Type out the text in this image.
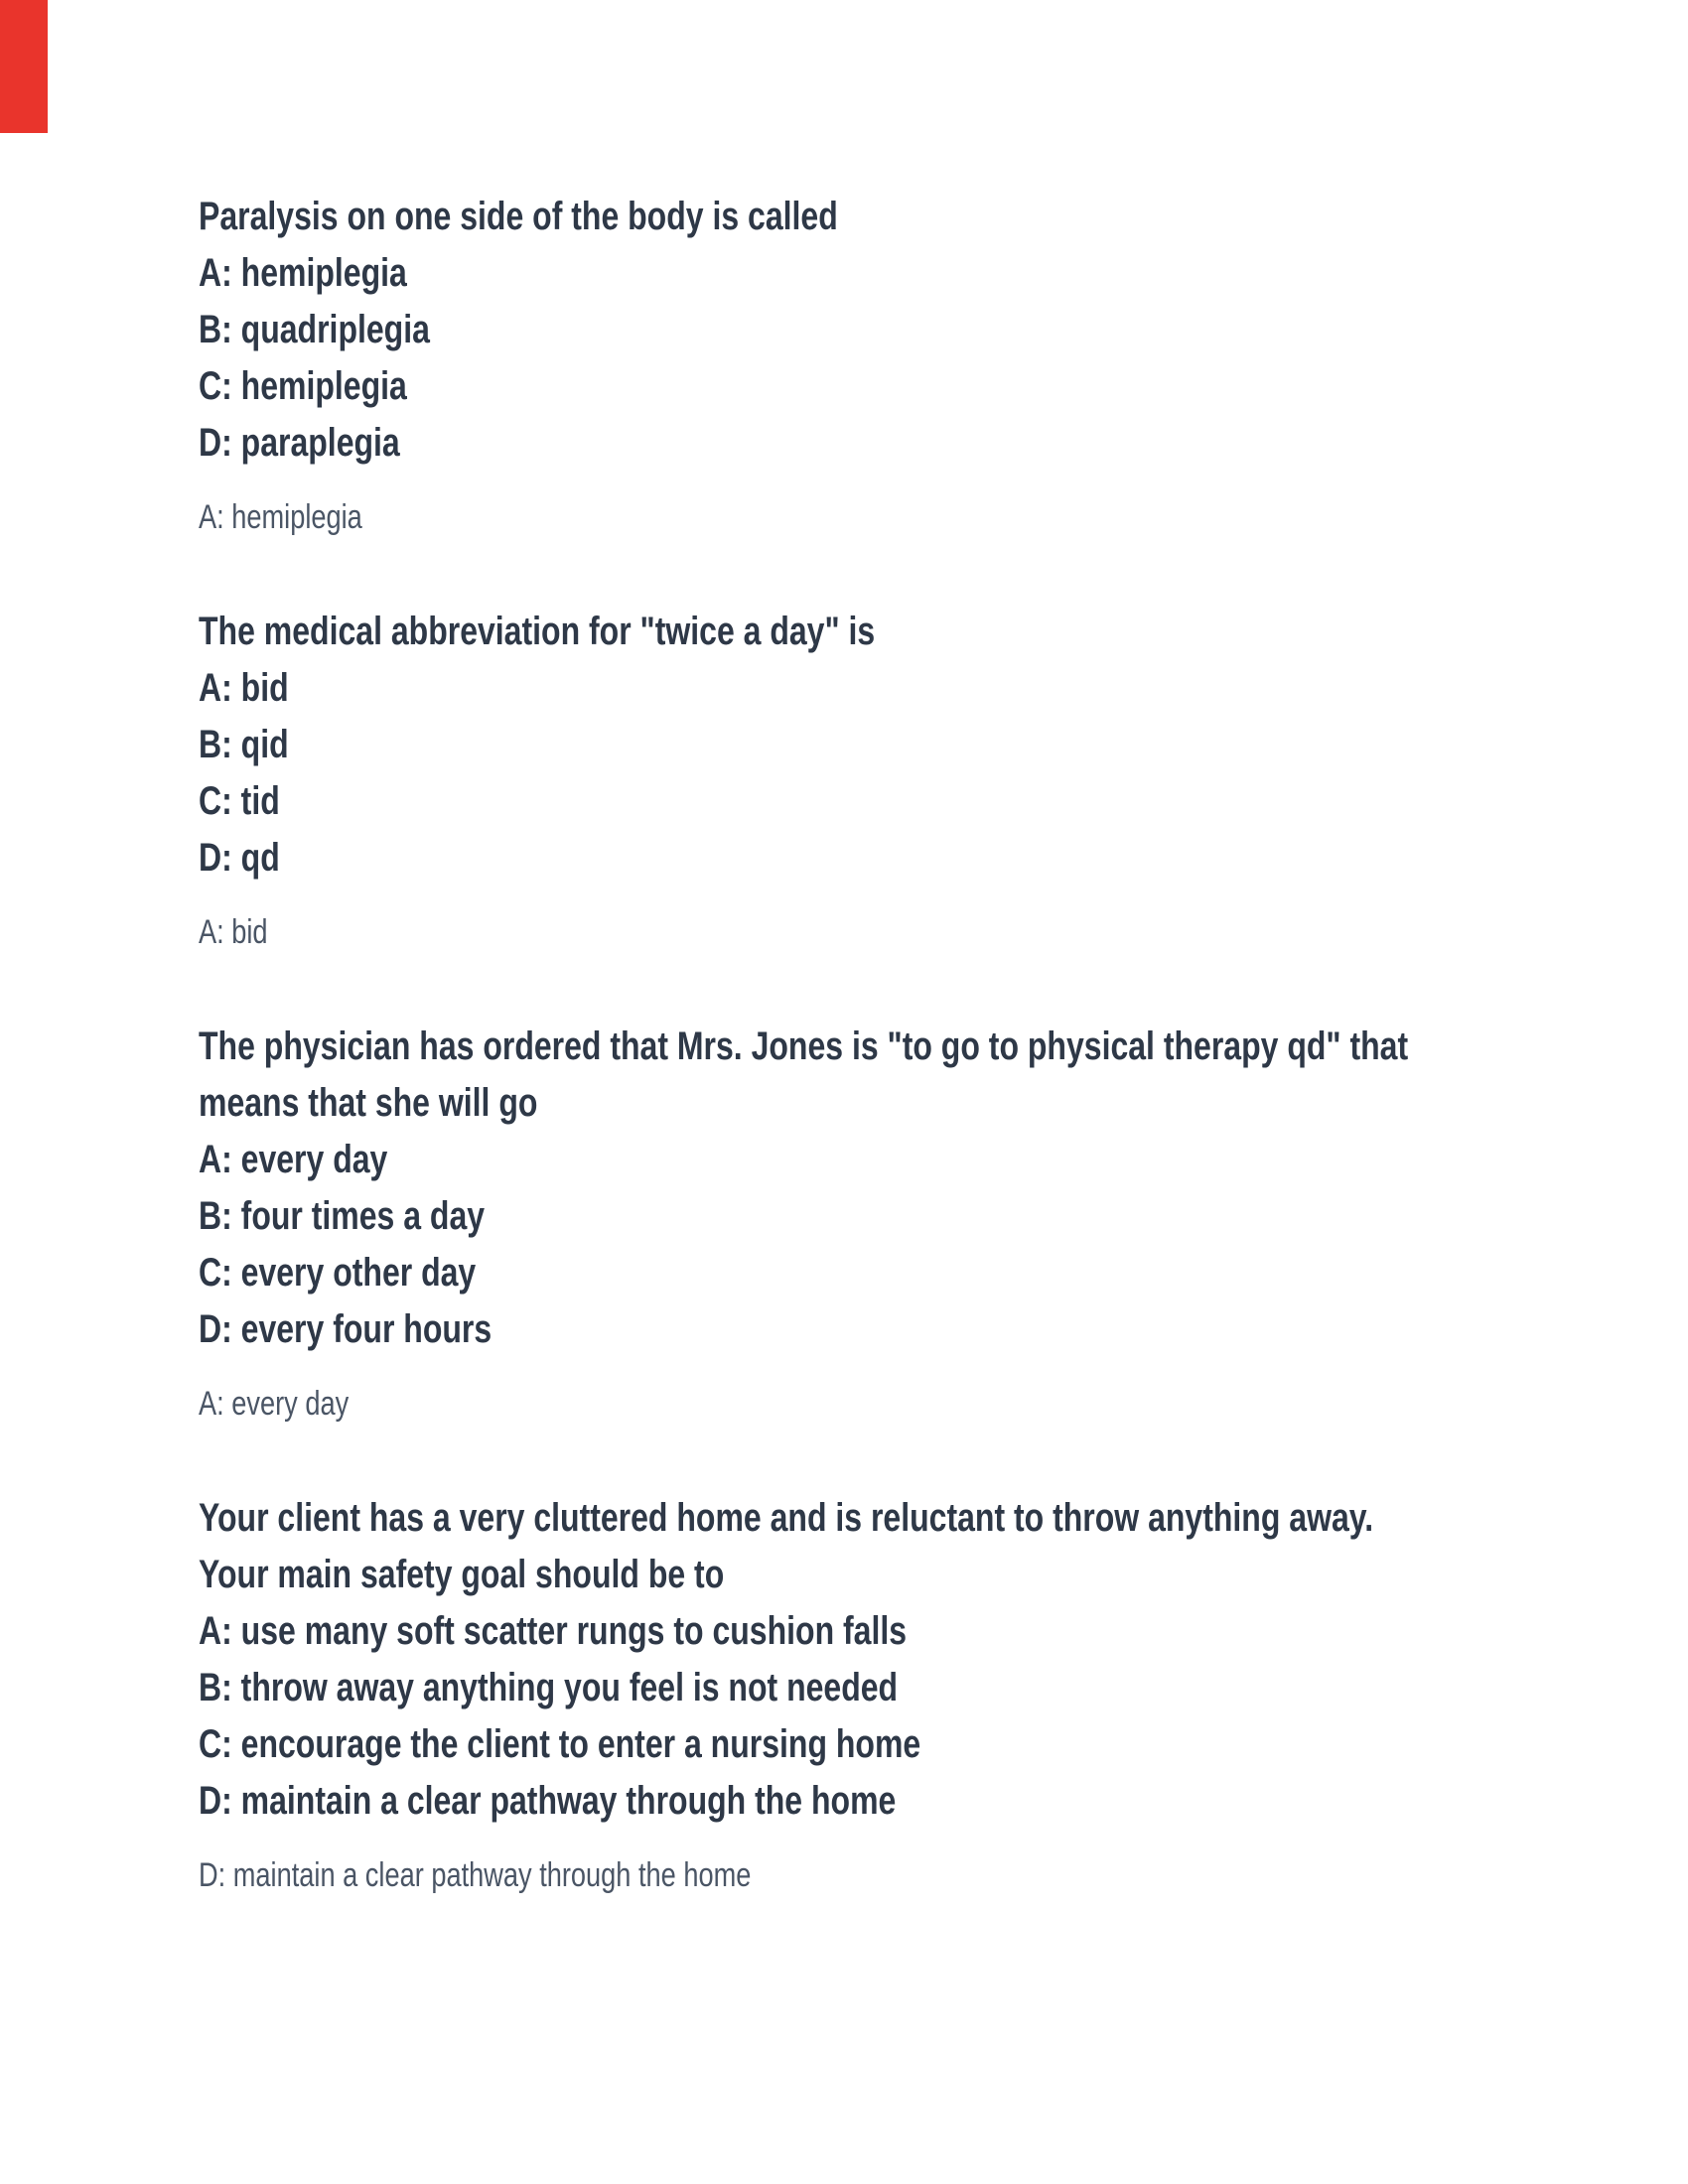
Paralysis on one side of the body is called
A: hemiplegia
B: quadriplegia
C: hemiplegia
D: paraplegia
A: hemiplegia
The medical abbreviation for "twice a day" is
A: bid
B: qid
C: tid
D: qd
A: bid
The physician has ordered that Mrs. Jones is "to go to physical therapy qd" that
means that she will go
A: every day
B: four times a day
C: every other day
D: every four hours
A: every day
Your client has a very cluttered home and is reluctant to throw anything away.
Your main safety goal should be to
A: use many soft scatter rungs to cushion falls
B: throw away anything you feel is not needed
C: encourage the client to enter a nursing home
D: maintain a clear pathway through the home
D: maintain a clear pathway through the home
